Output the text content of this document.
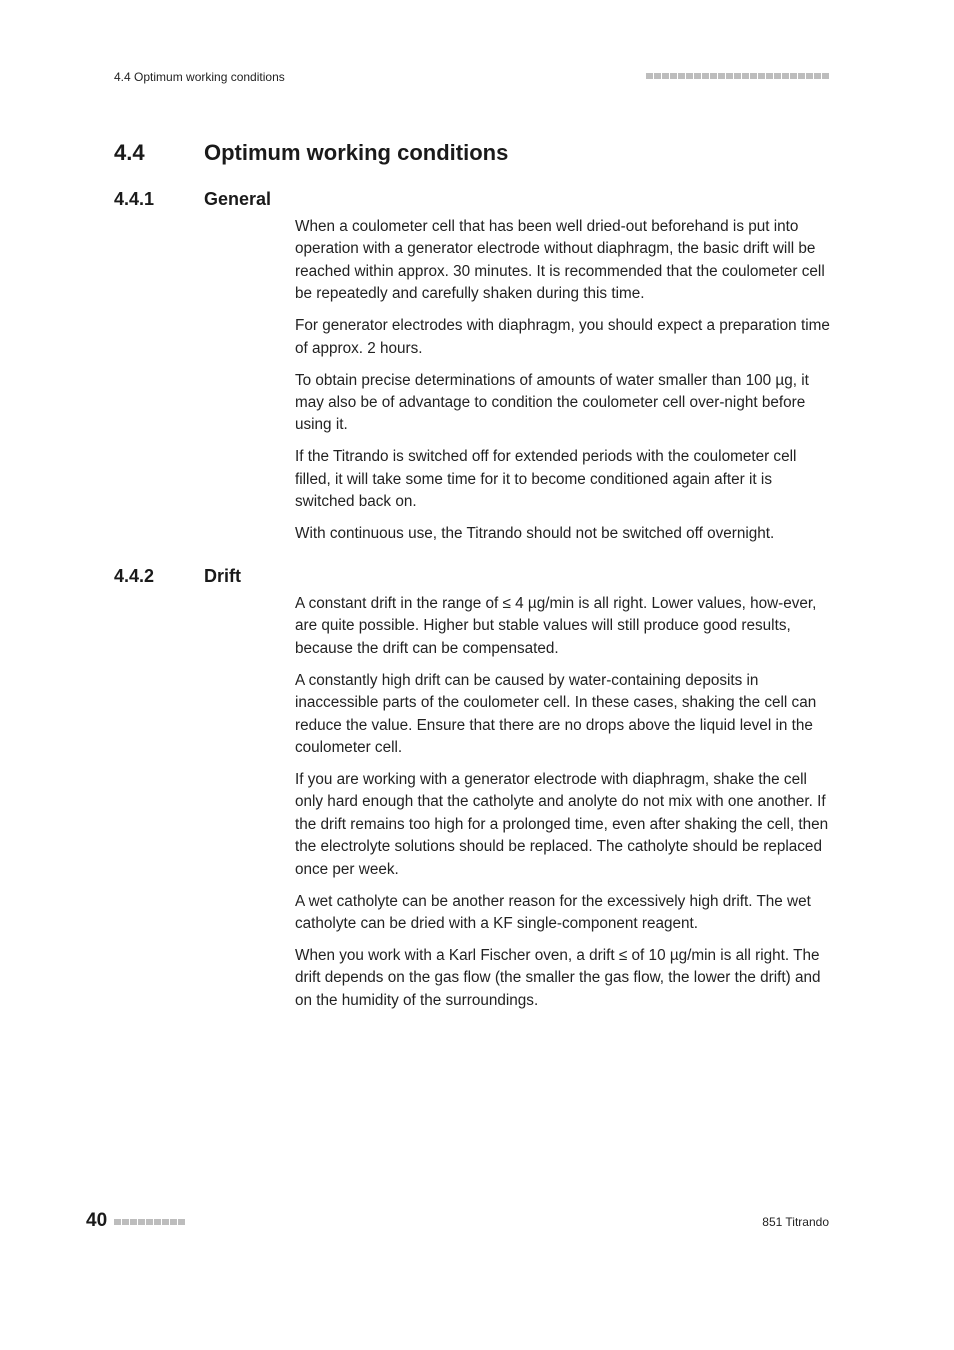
4.4 Optimum working conditions
4.4	Optimum working conditions
4.4.1	General

When a coulometer cell that has been well dried-out beforehand is put into operation with a generator electrode without diaphragm, the basic drift will be reached within approx. 30 minutes. It is recommended that the coulometer cell be repeatedly and carefully shaken during this time.

For generator electrodes with diaphragm, you should expect a preparation time of approx. 2 hours.

To obtain precise determinations of amounts of water smaller than 100 µg, it may also be of advantage to condition the coulometer cell over-night before using it.

If the Titrando is switched off for extended periods with the coulometer cell filled, it will take some time for it to become conditioned again after it is switched back on.

With continuous use, the Titrando should not be switched off overnight.

4.4.2	Drift

A constant drift in the range of ≤ 4 µg/min is all right. Lower values, how-ever, are quite possible. Higher but stable values will still produce good results, because the drift can be compensated.

A constantly high drift can be caused by water-containing deposits in inaccessible parts of the coulometer cell. In these cases, shaking the cell can reduce the value. Ensure that there are no drops above the liquid level in the coulometer cell.

If you are working with a generator electrode with diaphragm, shake the cell only hard enough that the catholyte and anolyte do not mix with one another. If the drift remains too high for a prolonged time, even after shaking the cell, then the electrolyte solutions should be replaced. The catholyte should be replaced once per week.

A wet catholyte can be another reason for the excessively high drift. The wet catholyte can be dried with a KF single-component reagent.

When you work with a Karl Fischer oven, a drift ≤ of 10 µg/min is all right. The drift depends on the gas flow (the smaller the gas flow, the lower the drift) and on the humidity of the surroundings.

40	851 Titrando
